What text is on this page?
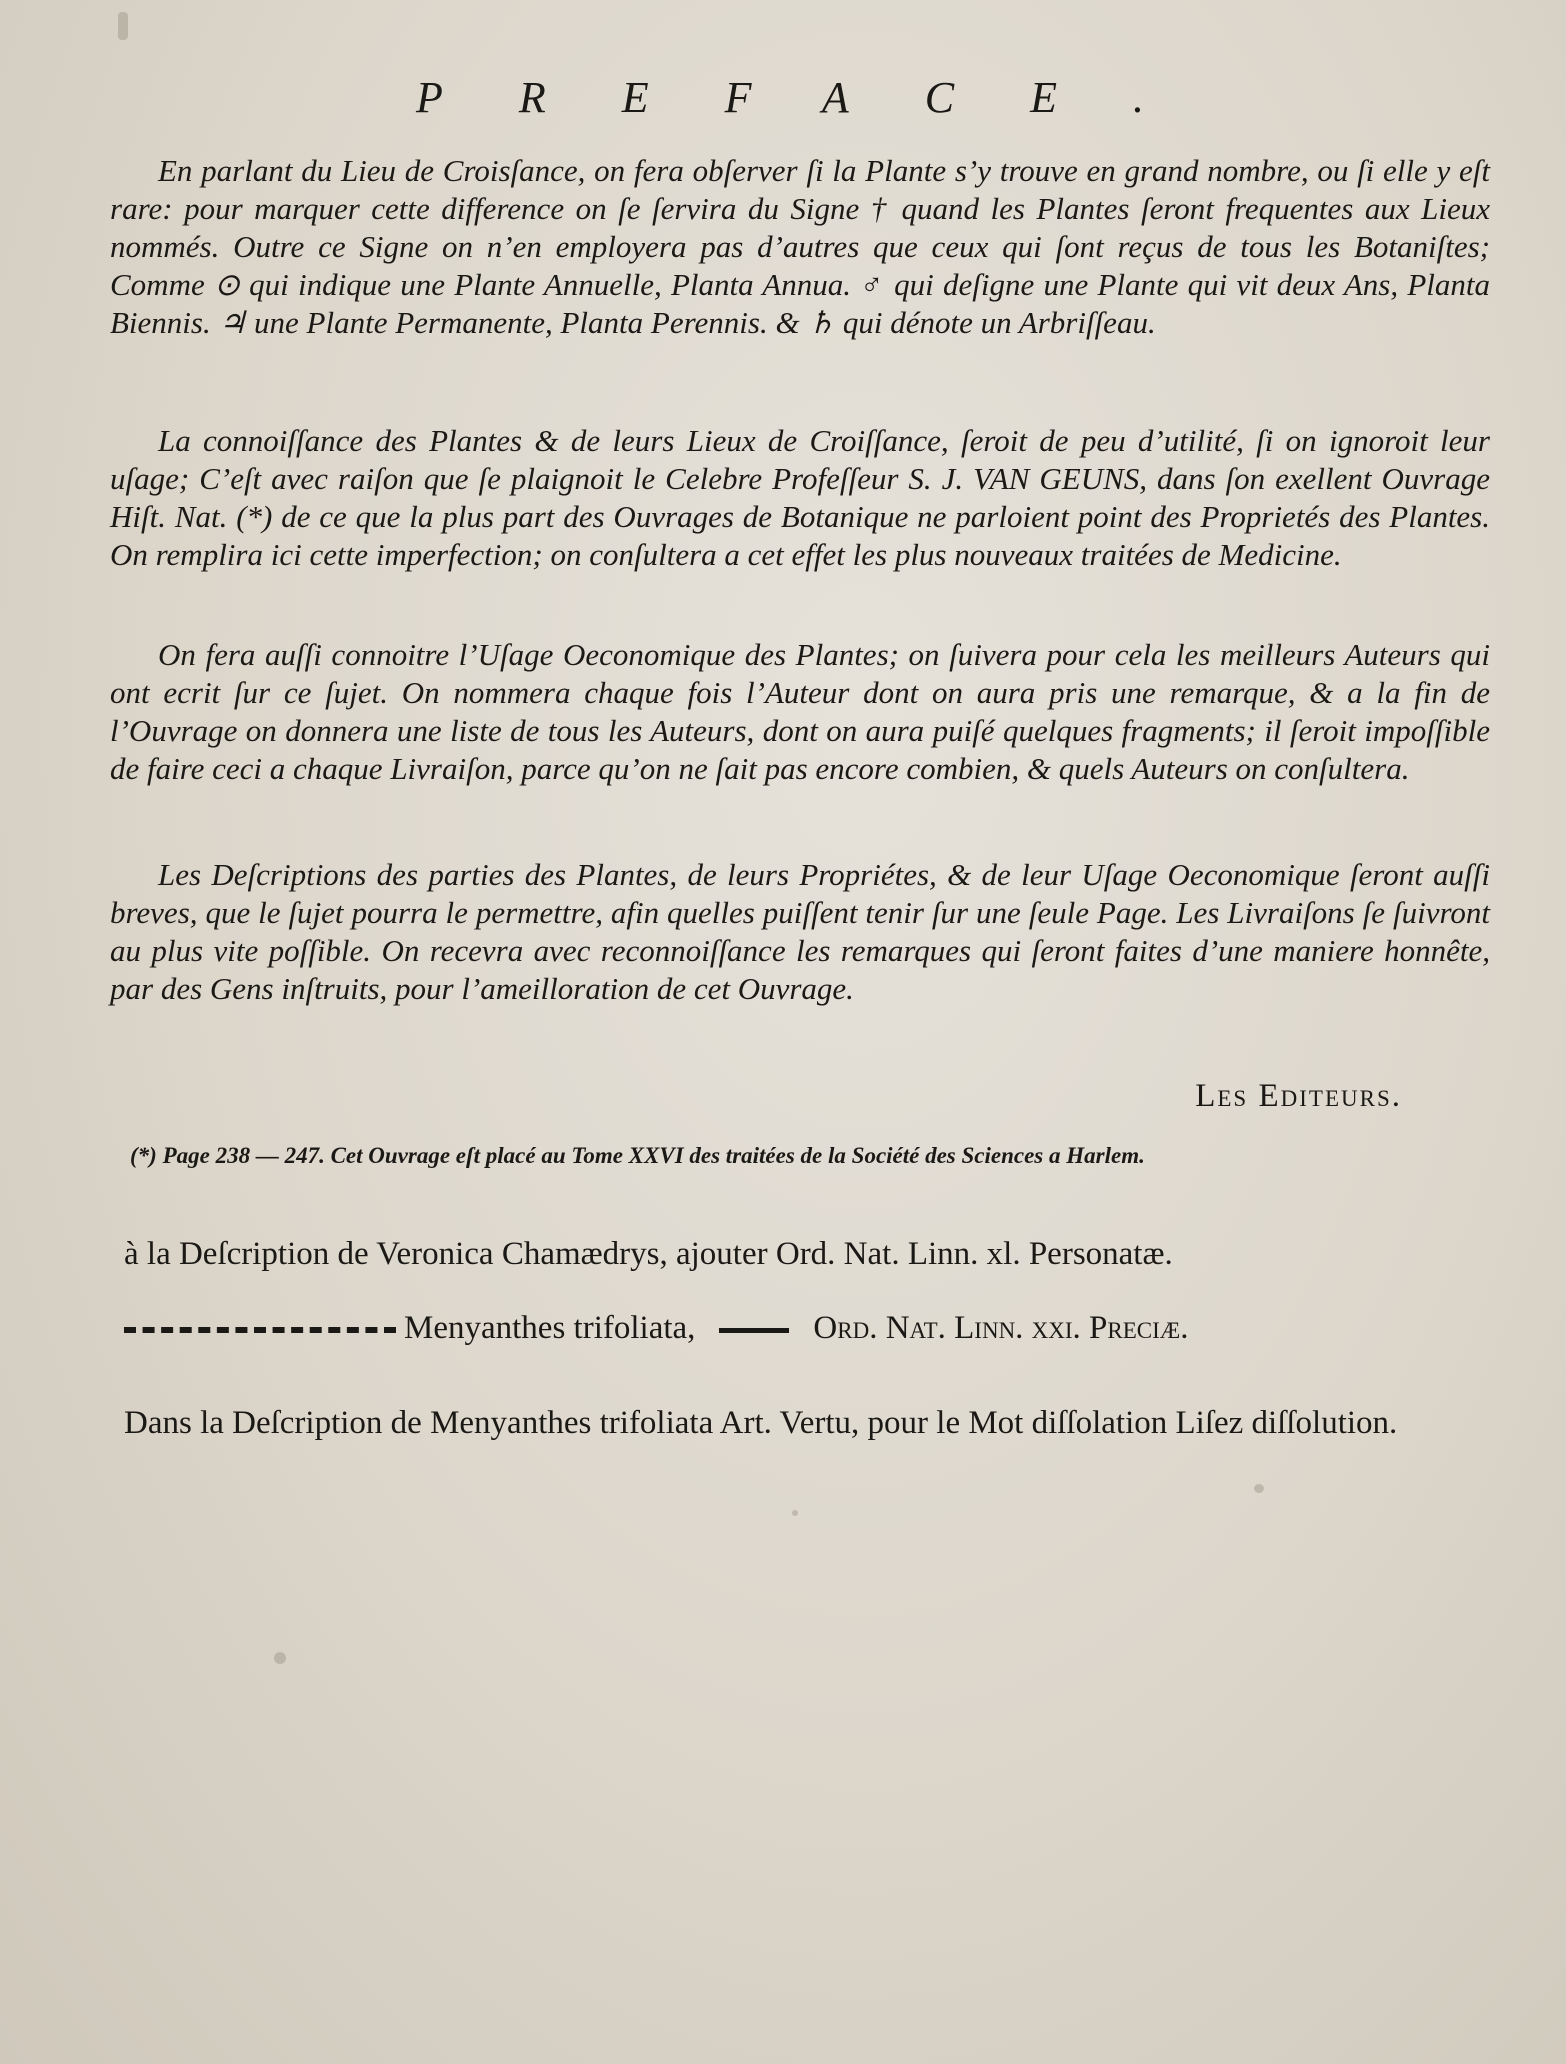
PREFACE.

En parlant du Lieu de Croisſance, on fera obſerver ſi la Plante s’y trouve en grand nombre, ou ſi elle y eſt rare: pour marquer cette difference on ſe ſervira du Signe † quand les Plantes ſeront frequentes aux Lieux nommés. Outre ce Signe on n’en employera pas d’autres que ceux qui ſont reçus de tous les Botaniſtes; Comme ⊙ qui indique une Plante Annuelle, Planta Annua. ♂ qui deſigne une Plante qui vit deux Ans, Planta Biennis. ♃ une Plante Permanente, Planta Perennis. & ♄ qui dénote un Arbriſſeau.

La connoiſſance des Plantes & de leurs Lieux de Croiſſance, ſeroit de peu d’utilité, ſi on ignoroit leur uſage; C’eſt avec raiſon que ſe plaignoit le Celebre Profeſſeur S. J. VAN GEUNS, dans ſon exellent Ouvrage Hiſt. Nat. (*) de ce que la plus part des Ouvrages de Botanique ne parloient point des Proprietés des Plantes. On remplira ici cette imperfection; on conſultera a cet effet les plus nouveaux traitées de Medicine.

On fera auſſi connoitre l’Uſage Oeconomique des Plantes; on ſuivera pour cela les meilleurs Auteurs qui ont ecrit ſur ce ſujet. On nommera chaque fois l’Auteur dont on aura pris une remarque, & a la fin de l’Ouvrage on donnera une liste de tous les Auteurs, dont on aura puiſé quelques fragments; il ſeroit impoſſible de faire ceci a chaque Livraiſon, parce qu’on ne ſait pas encore combien, & quels Auteurs on conſultera.

Les Deſcriptions des parties des Plantes, de leurs Propriétes, & de leur Uſage Oeconomique ſeront auſſi breves, que le ſujet pourra le permettre, afin quelles puiſſent tenir ſur une ſeule Page. Les Livraiſons ſe ſuivront au plus vite poſſible. On recevra avec reconnoiſſance les remarques qui ſeront faites d’une maniere honnête, par des Gens inſtruits, pour l’ameilloration de cet Ouvrage.

Les Editeurs.
(*) Page 238 — 247. Cet Ouvrage eſt placé au Tome XXVI des traitées de la Société des Sciences a Harlem.
à la Deſcription de Veronica Chamædrys, ajouter Ord. Nat. Linn. xl. Personatæ.
Menyanthes trifoliata,	Ord. Nat. Linn. xxi. Preciæ.
Dans la Deſcription de Menyanthes trifoliata Art. Vertu, pour le Mot diſſolation Liſez diſſolution.
